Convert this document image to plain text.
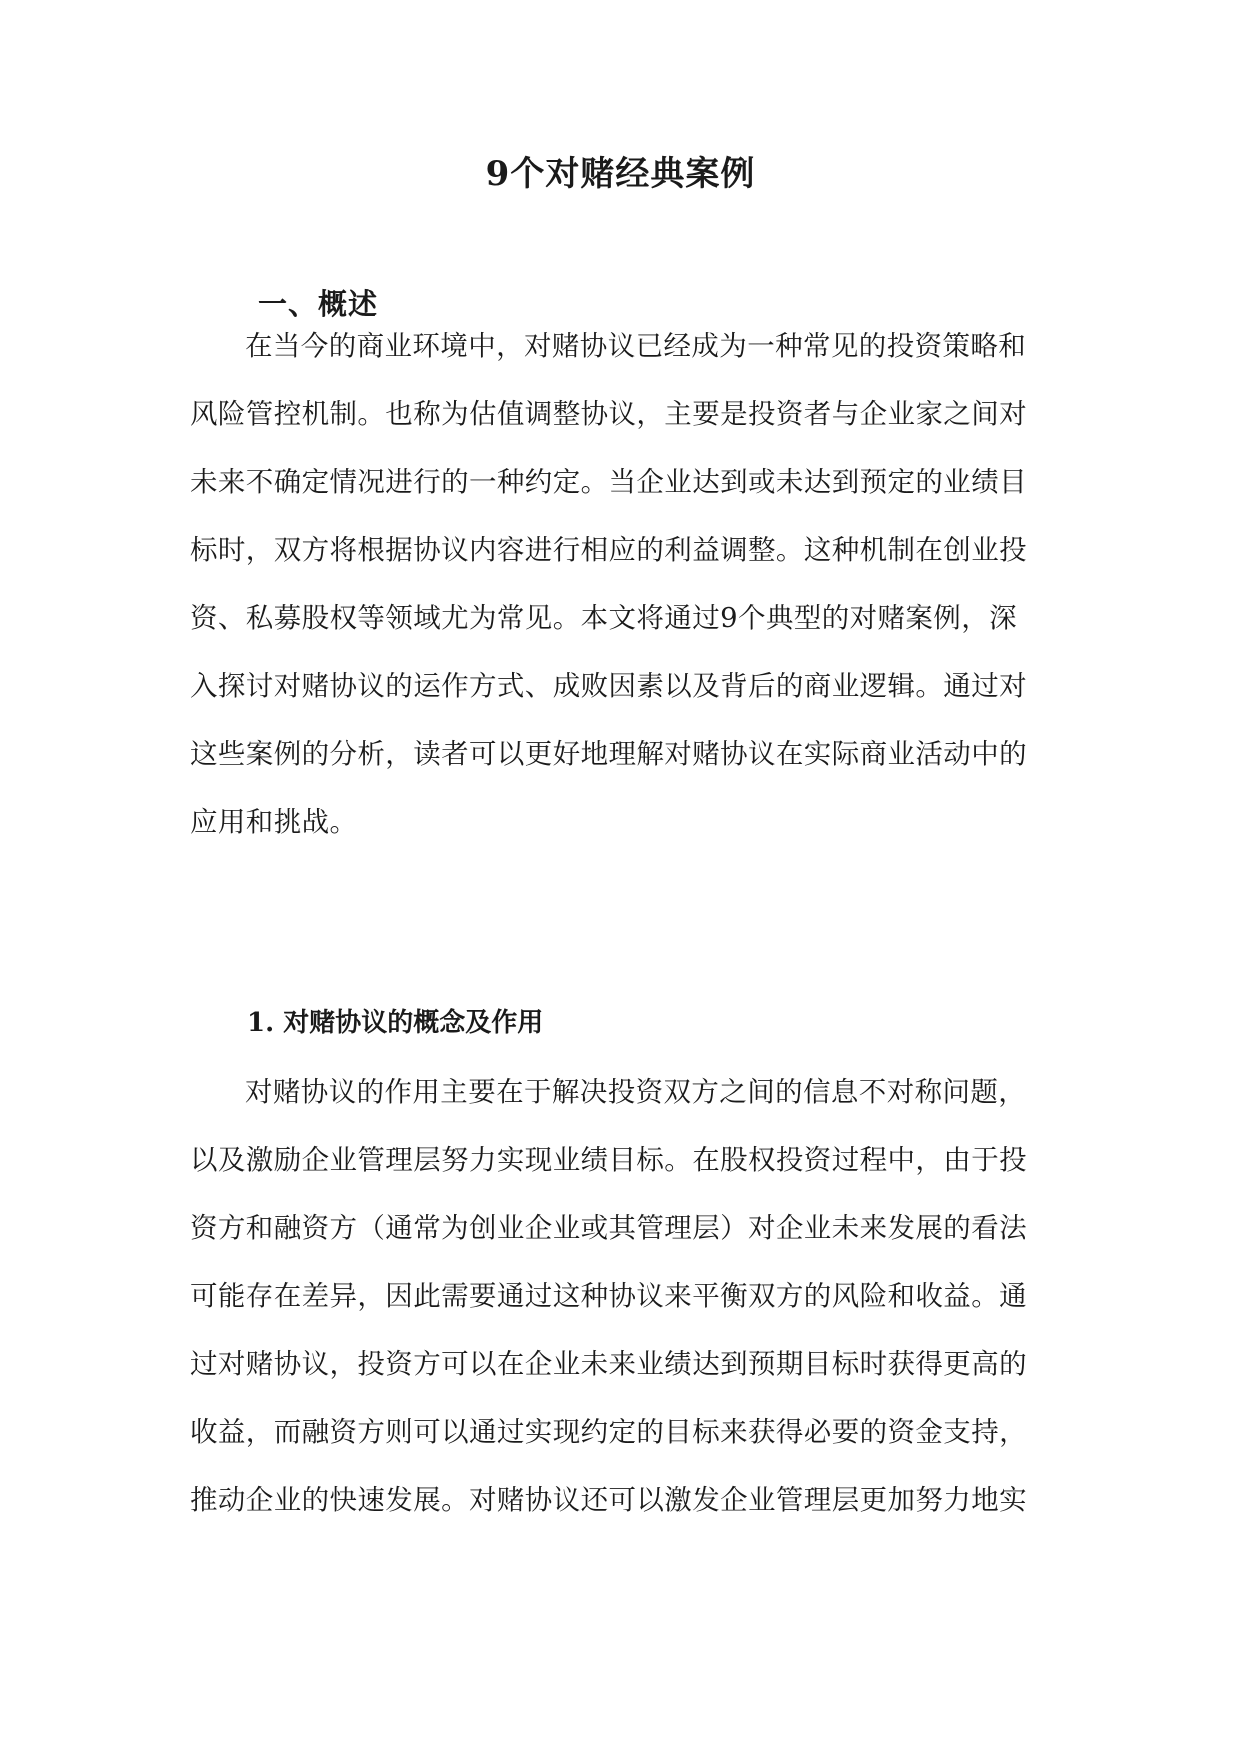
9个对赌经典案例
一、概述
在当今的商业环境中，对赌协议已经成为一种常见的投资策略和
风险管控机制。也称为估值调整协议，主要是投资者与企业家之间对
未来不确定情况进行的一种约定。当企业达到或未达到预定的业绩目
标时，双方将根据协议内容进行相应的利益调整。这种机制在创业投
资、私募股权等领域尤为常见。本文将通过9个典型的对赌案例，深
入探讨对赌协议的运作方式、成败因素以及背后的商业逻辑。通过对
这些案例的分析，读者可以更好地理解对赌协议在实际商业活动中的
应用和挑战。
1. 对赌协议的概念及作用
对赌协议的作用主要在于解决投资双方之间的信息不对称问题，
以及激励企业管理层努力实现业绩目标。在股权投资过程中，由于投
资方和融资方（通常为创业企业或其管理层）对企业未来发展的看法
可能存在差异，因此需要通过这种协议来平衡双方的风险和收益。通
过对赌协议，投资方可以在企业未来业绩达到预期目标时获得更高的
收益，而融资方则可以通过实现约定的目标来获得必要的资金支持，
推动企业的快速发展。对赌协议还可以激发企业管理层更加努力地实
